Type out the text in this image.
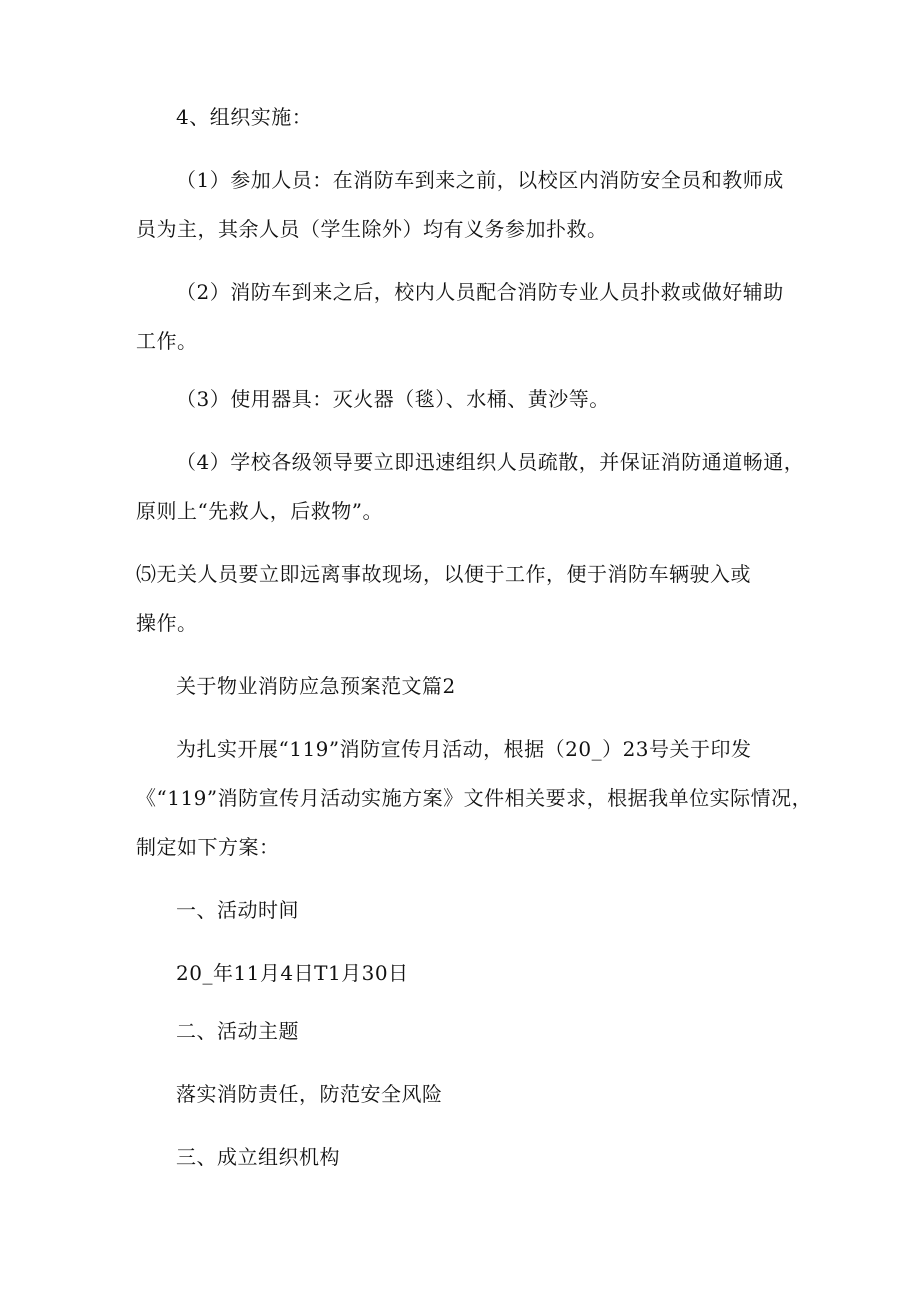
4、组织实施：
（1）参加人员：在消防车到来之前，以校区内消防安全员和教师成
员为主，其余人员（学生除外）均有义务参加扑救。
（2）消防车到来之后，校内人员配合消防专业人员扑救或做好辅助
工作。
（3）使用器具：灭火器（毯）、水桶、黄沙等。
（4）学校各级领导要立即迅速组织人员疏散，并保证消防通道畅通，
原则上“先救人，后救物”。
⑸无关人员要立即远离事故现场，以便于工作，便于消防车辆驶入或
操作。
关于物业消防应急预案范文篇2
为扎实开展“119”消防宣传月活动，根据（20_）23号关于印发
《“119”消防宣传月活动实施方案》文件相关要求，根据我单位实际情况，
制定如下方案：
一、活动时间
20_年11月4日T1月30日
二、活动主题
落实消防责任，防范安全风险
三、成立组织机构
